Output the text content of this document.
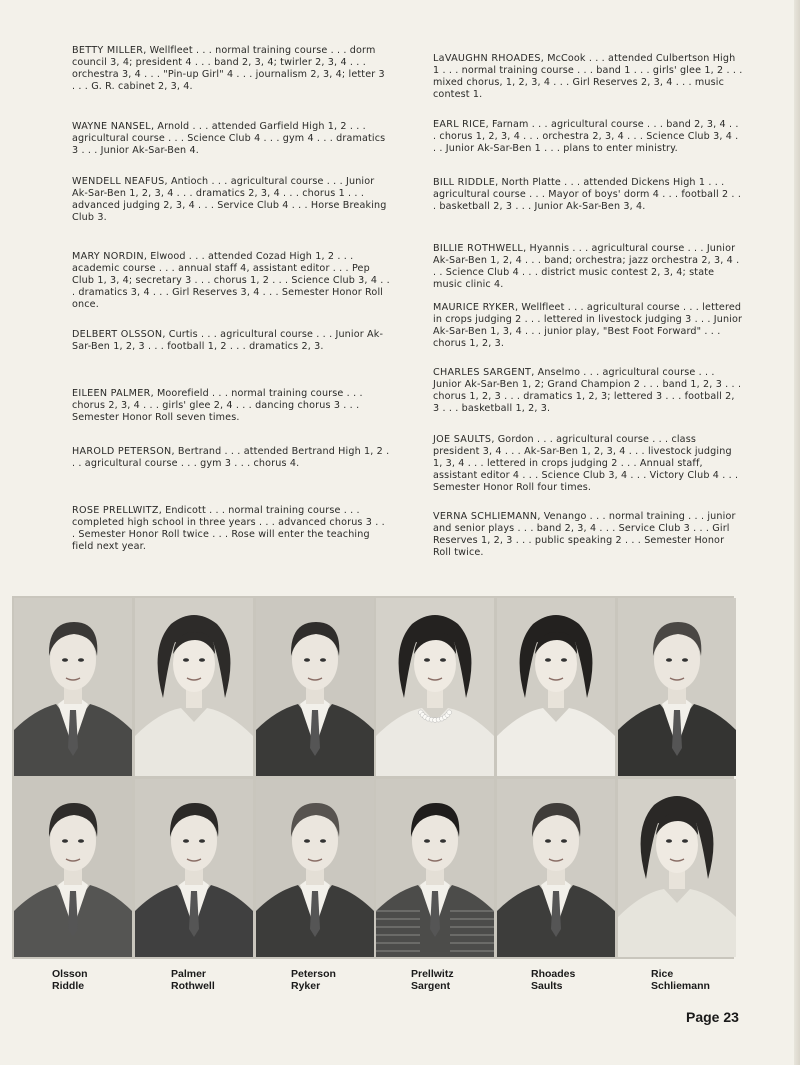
BETTY MILLER, Wellfleet . . . normal training course . . . dorm council 3, 4; president 4 . . . band 2, 3, 4; twirler 2, 3, 4 . . . orchestra 3, 4 . . . "Pin-up Girl" 4 . . . journalism 2, 3, 4; letter 3 . . . G. R. cabinet 2, 3, 4.

WAYNE NANSEL, Arnold . . . attended Garfield High 1, 2 . . . agricultural course . . . Science Club 4 . . . gym 4 . . . dramatics 3 . . . Junior Ak-Sar-Ben 4.

WENDELL NEAFUS, Antioch . . . agricultural course . . . Junior Ak-Sar-Ben 1, 2, 3, 4 . . . dramatics 2, 3, 4 . . . chorus 1 . . . advanced judging 2, 3, 4 . . . Service Club 4 . . . Horse Breaking Club 3.

MARY NORDIN, Elwood . . . attended Cozad High 1, 2 . . . academic course . . . annual staff 4, assistant editor . . . Pep Club 1, 3, 4; secretary 3 . . . chorus 1, 2 . . . Science Club 3, 4 . . . dramatics 3, 4 . . . Girl Reserves 3, 4 . . . Semester Honor Roll once.

DELBERT OLSSON, Curtis . . . agricultural course . . . Junior Ak-Sar-Ben 1, 2, 3 . . . football 1, 2 . . . dramatics 2, 3.

EILEEN PALMER, Moorefield . . . normal training course . . . chorus 2, 3, 4 . . . girls' glee 2, 4 . . . dancing chorus 3 . . . Semester Honor Roll seven times.

HAROLD PETERSON, Bertrand . . . attended Bertrand High 1, 2 . . . agricultural course . . . gym 3 . . . chorus 4.

ROSE PRELLWITZ, Endicott . . . normal training course . . . completed high school in three years . . . advanced chorus 3 . . . Semester Honor Roll twice . . . Rose will enter the teaching field next year.

LaVAUGHN RHOADES, McCook . . . attended Culbertson High 1 . . . normal training course . . . band 1 . . . girls' glee 1, 2 . . . mixed chorus, 1, 2, 3, 4 . . . Girl Reserves 2, 3, 4 . . . music contest 1.

EARL RICE, Farnam . . . agricultural course . . . band 2, 3, 4 . . . chorus 1, 2, 3, 4 . . . orchestra 2, 3, 4 . . . Science Club 3, 4 . . . Junior Ak-Sar-Ben 1 . . . plans to enter ministry.

BILL RIDDLE, North Platte . . . attended Dickens High 1 . . . agricultural course . . . Mayor of boys' dorm 4 . . . football 2 . . . basketball 2, 3 . . . Junior Ak-Sar-Ben 3, 4.

BILLIE ROTHWELL, Hyannis . . . agricultural course . . . Junior Ak-Sar-Ben 1, 2, 4 . . . band; orchestra; jazz orchestra 2, 3, 4 . . . Science Club 4 . . . district music contest 2, 3, 4; state music clinic 4.

MAURICE RYKER, Wellfleet . . . agricultural course . . . lettered in crops judging 2 . . . lettered in livestock judging 3 . . . Junior Ak-Sar-Ben 1, 3, 4 . . . junior play, "Best Foot Forward" . . . chorus 1, 2, 3.

CHARLES SARGENT, Anselmo . . . agricultural course . . . Junior Ak-Sar-Ben 1, 2; Grand Champion 2 . . . band 1, 2, 3 . . . chorus 1, 2, 3 . . . dramatics 1, 2, 3; lettered 3 . . . football 2, 3 . . . basketball 1, 2, 3.

JOE SAULTS, Gordon . . . agricultural course . . . class president 3, 4 . . . Ak-Sar-Ben 1, 2, 3, 4 . . . livestock judging 1, 3, 4 . . . lettered in crops judging 2 . . . Annual staff, assistant editor 4 . . . Science Club 3, 4 . . . Victory Club 4 . . . Semester Honor Roll four times.

VERNA SCHLIEMANN, Venango . . . normal training . . . junior and senior plays . . . band 2, 3, 4 . . . Service Club 3 . . . Girl Reserves 1, 2, 3 . . . public speaking 2 . . . Semester Honor Roll twice.

Olsson
Riddle
Palmer
Rothwell
Peterson
Ryker
Prellwitz
Sargent
Rhoades
Saults
Rice
Schliemann
Page 23
